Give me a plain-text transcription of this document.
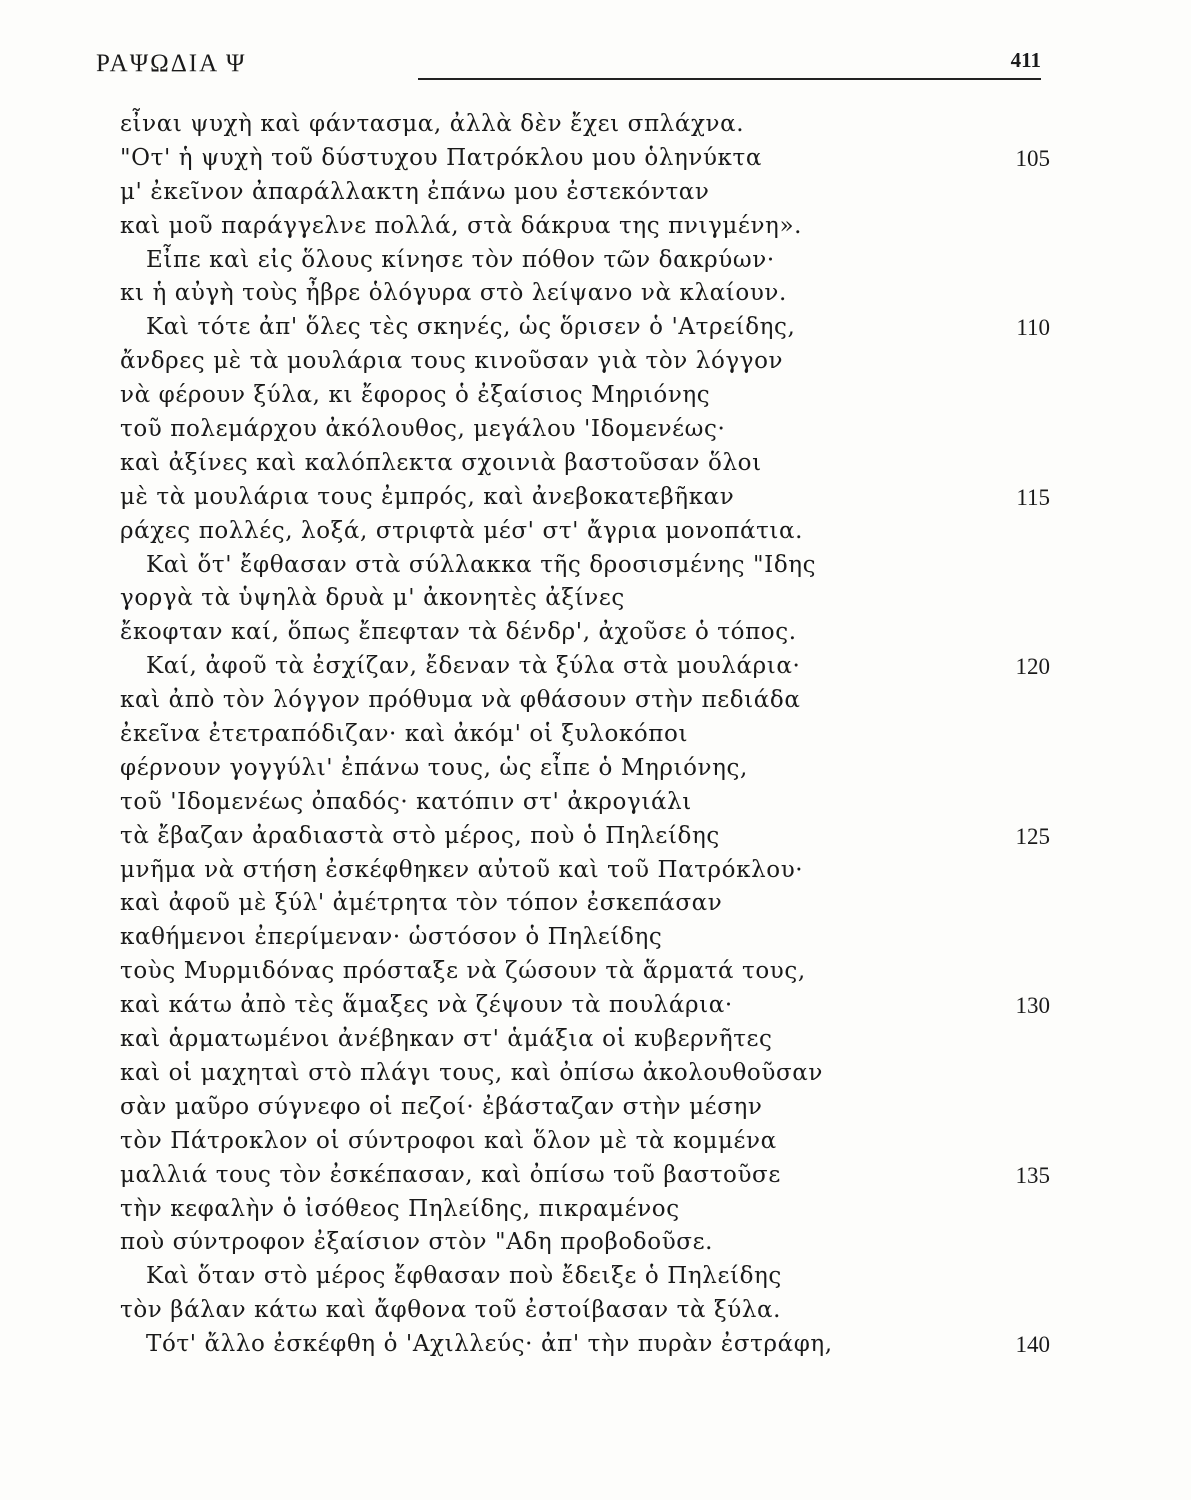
ΡΑΨΩΔΙΑ Ψ	411
εἶναι ψυχὴ καὶ φάντασμα, ἀλλὰ δὲν ἔχει σπλάχνα.
"Οτ' ἡ ψυχὴ τοῦ δύστυχου Πατρόκλου μου ὁληνύκτα	105
μ' ἐκεῖνον ἀπαράλλακτη ἐπάνω μου ἐστεκόνταν
καὶ μοῦ παράγγελνε πολλά, στὰ δάκρυα της πνιγμένη».
Εἶπε καὶ εἰς ὅλους κίνησε τὸν πόθον τῶν δακρύων·
κι ἡ αὐγὴ τοὺς ἦβρε ὁλόγυρα στὸ λείψανο νὰ κλαίουν.
Καὶ τότε ἀπ' ὅλες τὲς σκηνές, ὡς ὅρισεν ὁ 'Ατρείδης,	110
ἄνδρες μὲ τὰ μουλάρια τους κινοῦσαν γιὰ τὸν λόγγον
νὰ φέρουν ξύλα, κι ἔφορος ὁ ἐξαίσιος Μηριόνης
τοῦ πολεμάρχου ἀκόλουθος, μεγάλου 'Ιδομενέως·
καὶ ἀξίνες καὶ καλόπλεκτα σχοινιὰ βαστοῦσαν ὅλοι
μὲ τὰ μουλάρια τους ἐμπρός, καὶ ἀνεβοκατεβῆκαν	115
ράχες πολλές, λοξά, στριφτὰ μέσ' στ' ἄγρια μονοπάτια.
Καὶ ὅτ' ἔφθασαν στὰ σύλλακκα τῆς δροσισμένης "Ιδης
γοργὰ τὰ ὑψηλὰ δρυὰ μ' ἀκονητὲς ἀξίνες
ἔκοφταν καί, ὅπως ἔπεφταν τὰ δένδρ', ἀχοῦσε ὁ τόπος.
Καί, ἀφοῦ τὰ ἐσχίζαν, ἔδεναν τὰ ξύλα στὰ μουλάρια·	120
καὶ ἀπὸ τὸν λόγγον πρόθυμα νὰ φθάσουν στὴν πεδιάδα
ἐκεῖνα ἐτετραπόδιζαν· καὶ ἀκόμ' οἱ ξυλοκόποι
φέρνουν γογγύλι' ἐπάνω τους, ὡς εἶπε ὁ Μηριόνης,
τοῦ 'Ιδομενέως ὀπαδός· κατόπιν στ' ἀκρογιάλι
τὰ ἔβαζαν ἀραδιαστὰ στὸ μέρος, ποὺ ὁ Πηλείδης	125
μνῆμα νὰ στήση ἐσκέφθηκεν αὐτοῦ καὶ τοῦ Πατρόκλου·
καὶ ἀφοῦ μὲ ξύλ' ἀμέτρητα τὸν τόπον ἐσκεπάσαν
καθήμενοι ἐπερίμεναν· ὡστόσον ὁ Πηλείδης
τοὺς Μυρμιδόνας πρόσταξε νὰ ζώσουν τὰ ἅρματά τους,
καὶ κάτω ἀπὸ τὲς ἅμαξες νὰ ζέψουν τὰ πουλάρια·	130
καὶ ἁρματωμένοι ἀνέβηκαν στ' ἁμάξια οἱ κυβερνῆτες
καὶ οἱ μαχηταὶ στὸ πλάγι τους, καὶ ὀπίσω ἀκολουθοῦσαν
σὰν μαῦρο σύγνεφο οἱ πεζοί· ἐβάσταζαν στὴν μέσην
τὸν Πάτροκλον οἱ σύντροφοι καὶ ὅλον μὲ τὰ κομμένα
μαλλιά τους τὸν ἐσκέπασαν, καὶ ὀπίσω τοῦ βαστοῦσε	135
τὴν κεφαλὴν ὁ ἰσόθεος Πηλείδης, πικραμένος
ποὺ σύντροφον ἐξαίσιον στὸν "Αδη προβοδοῦσε.
Καὶ ὅταν στὸ μέρος ἔφθασαν ποὺ ἔδειξε ὁ Πηλείδης
τὸν βάλαν κάτω καὶ ἄφθονα τοῦ ἐστοίβασαν τὰ ξύλα.
Τότ' ἄλλο ἐσκέφθη ὁ 'Αχιλλεύς· ἀπ' τὴν πυρὰν ἐστράφη,	140
